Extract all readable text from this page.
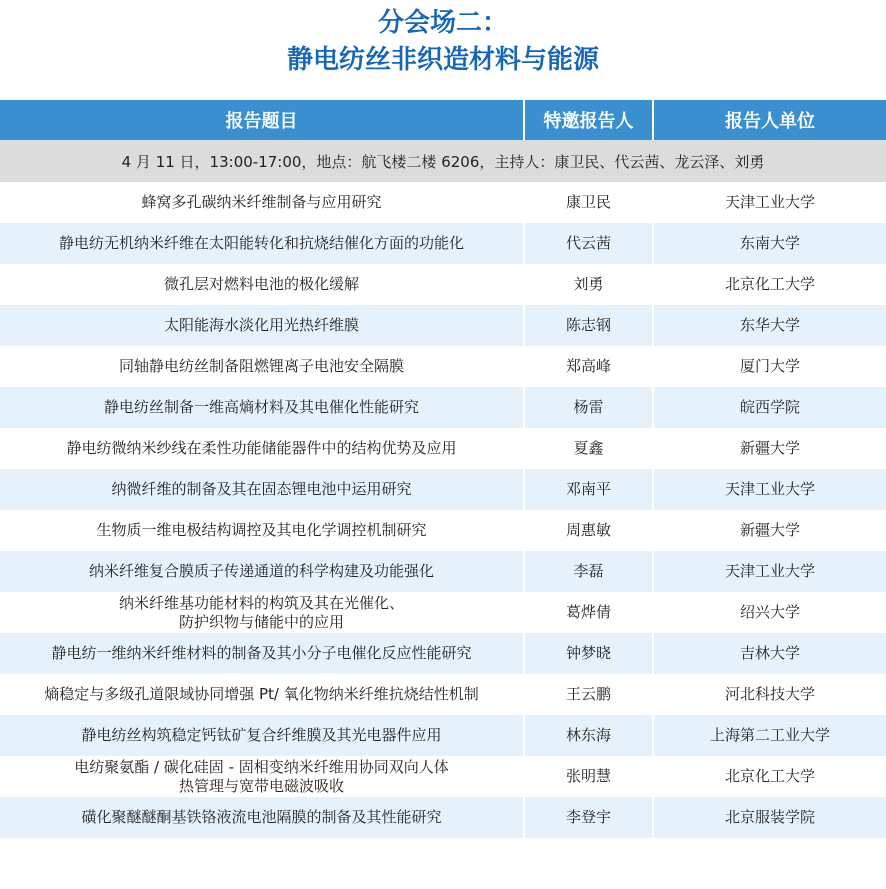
分会场二：
静电纺丝非织造材料与能源
报告题目	特邀报告人	报告人单位
4 月 11 日，13:00-17:00，地点：航飞楼二楼 6206，主持人：康卫民、代云茜、龙云泽、刘勇		
蜂窝多孔碳纳米纤维制备与应用研究	康卫民	天津工业大学
静电纺无机纳米纤维在太阳能转化和抗烧结催化方面的功能化	代云茜	东南大学
微孔层对燃料电池的极化缓解	刘勇	北京化工大学
太阳能海水淡化用光热纤维膜	陈志钢	东华大学
同轴静电纺丝制备阻燃锂离子电池安全隔膜	郑高峰	厦门大学
静电纺丝制备一维高熵材料及其电催化性能研究	杨雷	皖西学院
静电纺微纳米纱线在柔性功能储能器件中的结构优势及应用	夏鑫	新疆大学
纳微纤维的制备及其在固态锂电池中运用研究	邓南平	天津工业大学
生物质一维电极结构调控及其电化学调控机制研究	周惠敏	新疆大学
纳米纤维复合膜质子传递通道的科学构建及功能强化	李磊	天津工业大学
纳米纤维基功能材料的构筑及其在光催化、
防护织物与储能中的应用	葛烨倩	绍兴大学
静电纺一维纳米纤维材料的制备及其小分子电催化反应性能研究	钟梦晓	吉林大学
熵稳定与多级孔道限域协同增强 Pt/ 氧化物纳米纤维抗烧结性机制	王云鹏	河北科技大学
静电纺丝构筑稳定钙钛矿复合纤维膜及其光电器件应用	林东海	上海第二工业大学
电纺聚氨酯 / 碳化硅固 - 固相变纳米纤维用协同双向人体
热管理与宽带电磁波吸收	张明慧	北京化工大学
磺化聚醚醚酮基铁铬液流电池隔膜的制备及其性能研究	李登宇	北京服装学院
